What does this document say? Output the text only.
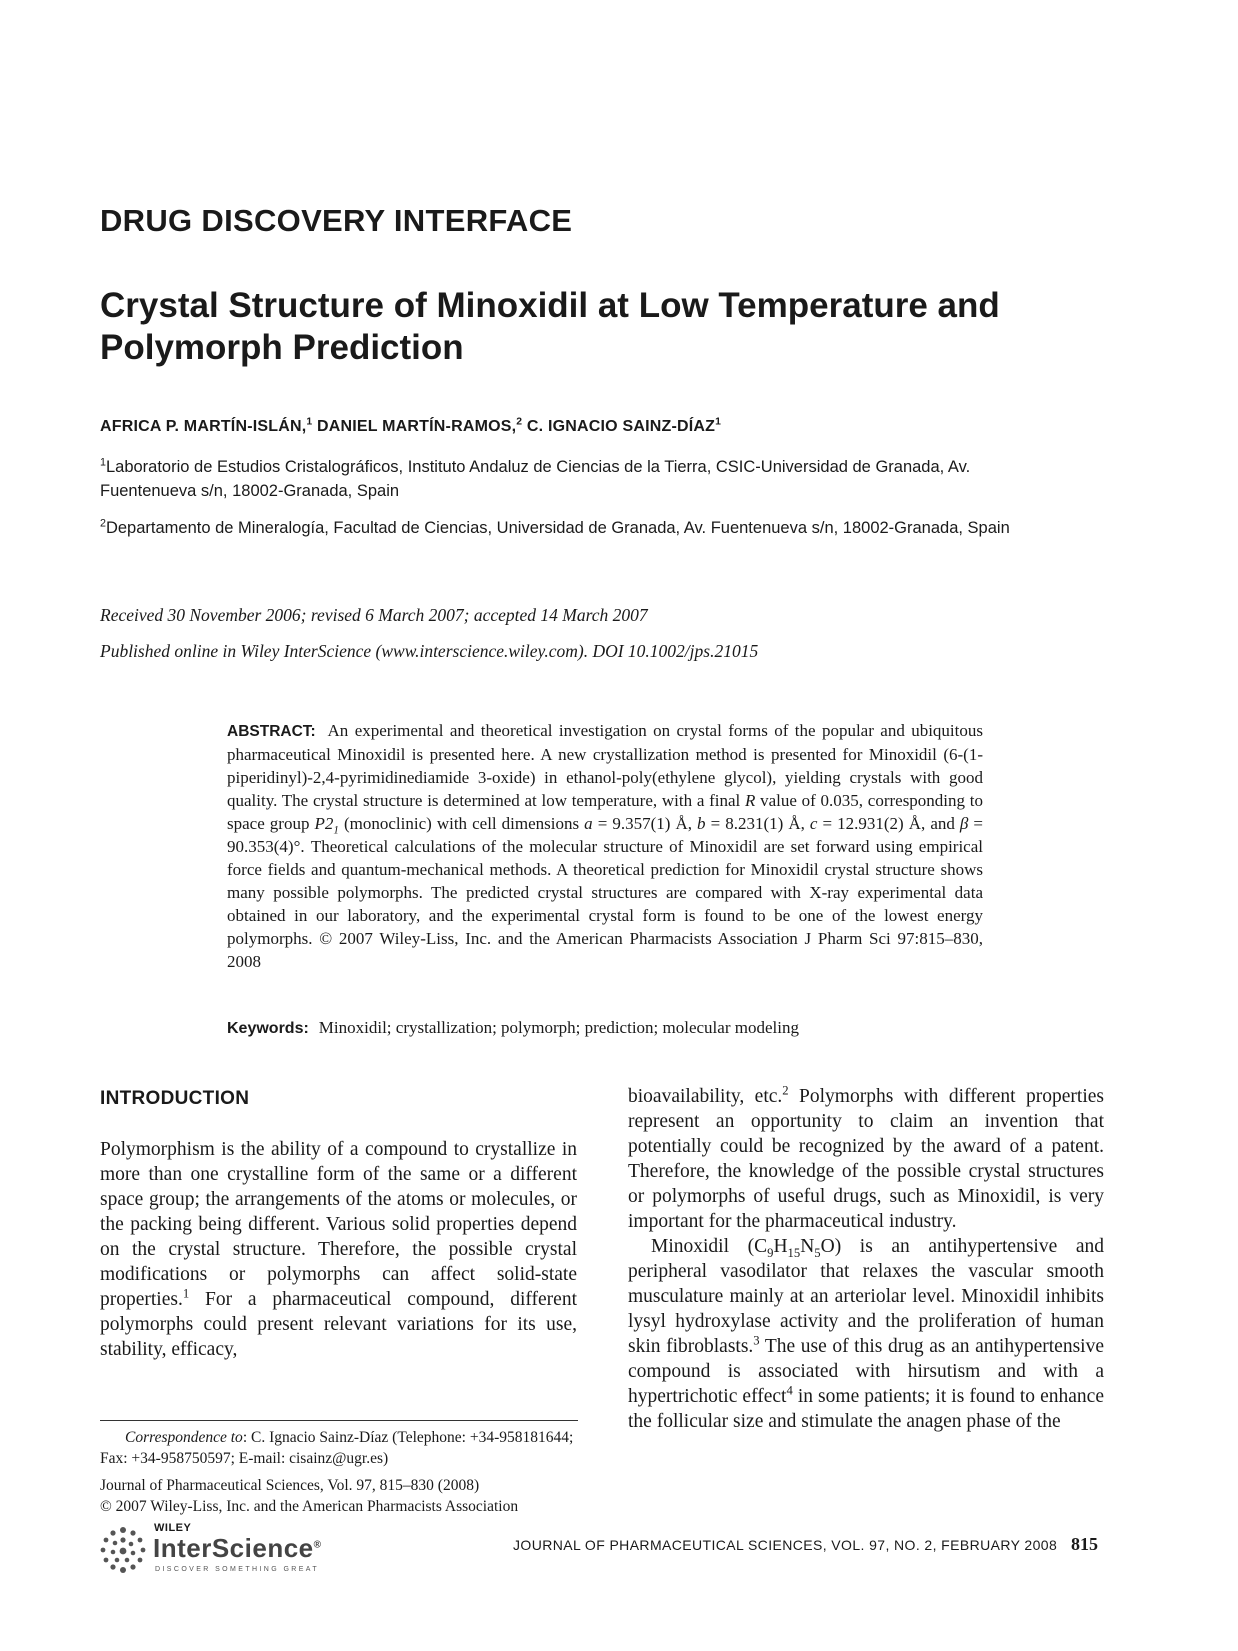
DRUG DISCOVERY INTERFACE
Crystal Structure of Minoxidil at Low Temperature and Polymorph Prediction
AFRICA P. MARTÍN-ISLÁN,$^1$ DANIEL MARTÍN-RAMOS,$^2$ C. IGNACIO SAINZ-DÍAZ$^1$
$^1$Laboratorio de Estudios Cristalográficos, Instituto Andaluz de Ciencias de la Tierra, CSIC-Universidad de Granada, Av. Fuentenueva s/n, 18002-Granada, Spain
$^2$Departamento de Mineralogía, Facultad de Ciencias, Universidad de Granada, Av. Fuentenueva s/n, 18002-Granada, Spain
Received 30 November 2006; revised 6 March 2007; accepted 14 March 2007
Published online in Wiley InterScience (www.interscience.wiley.com). DOI 10.1002/jps.21015
ABSTRACT: An experimental and theoretical investigation on crystal forms of the popular and ubiquitous pharmaceutical Minoxidil is presented here. A new crystallization method is presented for Minoxidil (6-(1-piperidinyl)-2,4-pyrimidinediamide 3-oxide) in ethanol-poly(ethylene glycol), yielding crystals with good quality. The crystal structure is determined at low temperature, with a final R value of 0.035, corresponding to space group $P2_1$ (monoclinic) with cell dimensions a = 9.357(1) Å, b = 8.231(1) Å, c = 12.931(2) Å, and β = 90.353(4)°. Theoretical calculations of the molecular structure of Minoxidil are set forward using empirical force fields and quantum-mechanical methods. A theoretical prediction for Minoxidil crystal structure shows many possible polymorphs. The predicted crystal structures are compared with X-ray experimental data obtained in our laboratory, and the experimental crystal form is found to be one of the lowest energy polymorphs. © 2007 Wiley-Liss, Inc. and the American Pharmacists Association J Pharm Sci 97:815–830, 2008
Keywords: Minoxidil; crystallization; polymorph; prediction; molecular modeling
INTRODUCTION

Polymorphism is the ability of a compound to crystallize in more than one crystalline form of the same or a different space group; the arrangements of the atoms or molecules, or the packing being different. Various solid properties depend on the crystal structure. Therefore, the possible crystal modifications or polymorphs can affect solid-state properties.$^1$ For a pharmaceutical compound, different polymorphs could present relevant variations for its use, stability, efficacy,

bioavailability, etc.$^2$ Polymorphs with different properties represent an opportunity to claim an invention that potentially could be recognized by the award of a patent. Therefore, the knowledge of the possible crystal structures or polymorphs of useful drugs, such as Minoxidil, is very important for the pharmaceutical industry.

Minoxidil $(C_9H_{15}N_5O)$ is an antihypertensive and peripheral vasodilator that relaxes the vascular smooth musculature mainly at an arteriolar level. Minoxidil inhibits lysyl hydroxylase activity and the proliferation of human skin fibroblasts.$^3$ The use of this drug as an antihypertensive compound is associated with hirsutism and with a hypertrichotic effect$^4$ in some patients; it is found to enhance the follicular size and stimulate the anagen phase of the

Correspondence to: C. Ignacio Sainz-Díaz (Telephone: +34-958181644; Fax: +34-958750597; E-mail: cisainz@ugr.es)
Journal of Pharmaceutical Sciences, Vol. 97, 815–830 (2008)
© 2007 Wiley-Liss, Inc. and the American Pharmacists Association
WILEY
InterScience®
DISCOVER SOMETHING GREAT
JOURNAL OF PHARMACEUTICAL SCIENCES, VOL. 97, NO. 2, FEBRUARY 2008 815
